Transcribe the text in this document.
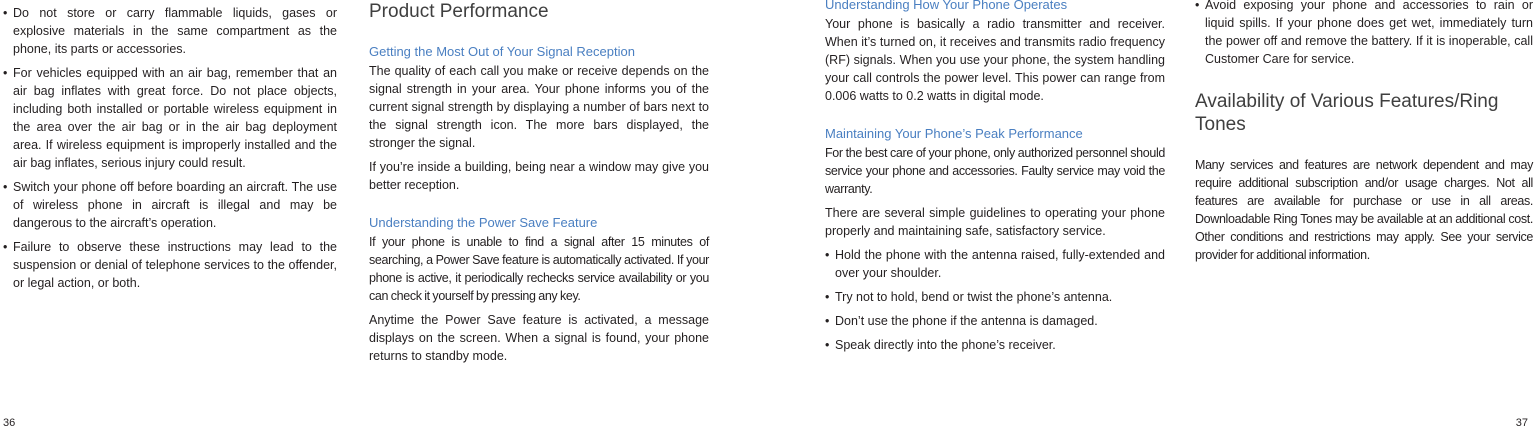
• Do not store or carry flammable liquids, gases or explosive materials in the same compartment as the phone, its parts or accessories.
• For vehicles equipped with an air bag, remember that an air bag inflates with great force. Do not place objects, including both installed or portable wireless equipment in the area over the air bag or in the air bag deployment area. If wireless equipment is improperly installed and the air bag inflates, serious injury could result.
• Switch your phone off before boarding an aircraft. The use of wireless phone in aircraft is illegal and may be dangerous to the aircraft’s operation.
• Failure to observe these instructions may lead to the suspension or denial of telephone services to the offender, or legal action, or both.
Product Performance
Getting the Most Out of Your Signal Reception

The quality of each call you make or receive depends on the signal strength in your area. Your phone informs you of the current signal strength by displaying a number of bars next to the signal strength icon. The more bars displayed, the stronger the signal.

If you’re inside a building, being near a window may give you better reception.

Understanding the Power Save Feature

If your phone is unable to find a signal after 15 minutes of searching, a Power Save feature is automatically activated. If your phone is active, it periodically rechecks service availability or you can check it yourself by pressing any key.

Anytime the Power Save feature is activated, a message displays on the screen. When a signal is found, your phone returns to standby mode.

Understanding How Your Phone Operates

Your phone is basically a radio transmitter and receiver. When it’s turned on, it receives and transmits radio frequency (RF) signals. When you use your phone, the system handling your call controls the power level. This power can range from 0.006 watts to 0.2 watts in digital mode.

Maintaining Your Phone’s Peak Performance

For the best care of your phone, only authorized personnel should service your phone and accessories. Faulty service may void the warranty.

There are several simple guidelines to operating your phone properly and maintaining safe, satisfactory service.

• Hold the phone with the antenna raised, fully-extended and over your shoulder.
• Try not to hold, bend or twist the phone’s antenna.
• Don’t use the phone if the antenna is damaged.
• Speak directly into the phone’s receiver.
• Avoid exposing your phone and accessories to rain or liquid spills. If your phone does get wet, immediately turn the power off and remove the battery. If it is inoperable, call Customer Care for service.
Availability of Various Features/Ring Tones

Many services and features are network dependent and may require additional subscription and/or usage charges. Not all features are available for purchase or use in all areas. Downloadable Ring Tones may be available at an additional cost. Other conditions and restrictions may apply. See your service provider for additional information.

36	37
